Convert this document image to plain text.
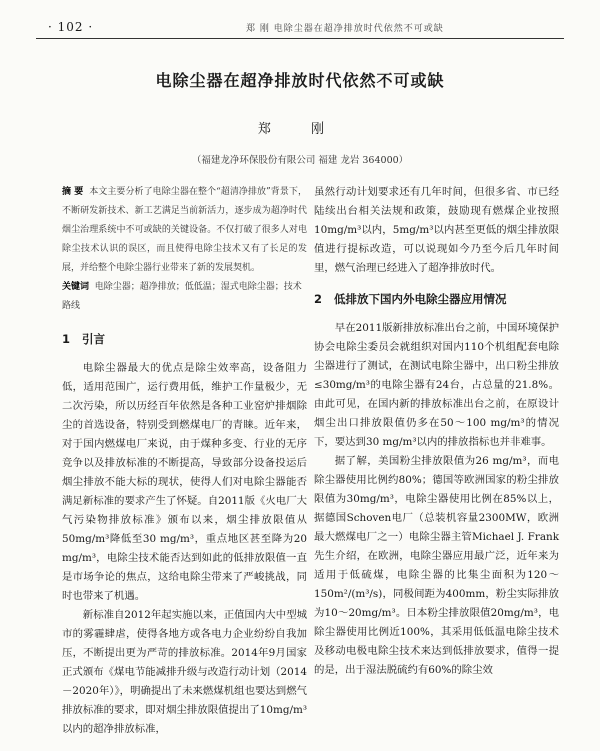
· 102 ·	郑 刚 电除尘器在超净排放时代依然不可或缺
电除尘器在超净排放时代依然不可或缺
郑 刚
（福建龙净环保股份有限公司 福建 龙岩 364000）

摘 要 本文主要分析了电除尘器在整个“超清净排放”背景下，不断研发新技术、新工艺满足当前新活力，逐步成为超净时代烟尘治理系统中不可或缺的关键设备。不仅打破了很多人对电除尘技术认识的误区，而且使得电除尘技术又有了长足的发展，并给整个电除尘器行业带来了新的发展契机。

关键词 电除尘器；超净排放；低低温；湿式电除尘器；技术路线

1 引言

电除尘器最大的优点是除尘效率高，设备阻力低，适用范围广，运行费用低，维护工作量极少，无二次污染，所以历经百年依然是各种工业窑炉排烟除尘的首选设备，特别受到燃煤电厂的青睐。近年来，对于国内燃煤电厂来说，由于煤种多变、行业的无序竞争以及排放标准的不断提高，导致部分设备投运后烟尘排放不能大标的现状，使得人们对电除尘器能否满足新标准的要求产生了怀疑。自2011版《火电厂大气污染物排放标准》颁布以来，烟尘排放限值从50mg/m³降低至30 mg/m³，重点地区甚至降为20 mg/m³，电除尘技术能否达到如此的低排放限值一直是市场争论的焦点，这给电除尘带来了严峻挑战，同时也带来了机遇。

新标准自2012年起实施以来，正值国内大中型城市的雾霾肆虐，使得各地方或各电力企业纷纷自我加压，不断提出更为严苛的排放标准。2014年9月国家正式颁布《煤电节能减排升级与改造行动计划（2014－2020年）》，明确提出了未来燃煤机组也要达到燃气排放标准的要求，即对烟尘排放限值提出了10mg/m³以内的超净排放标准，

虽然行动计划要求还有几年时间，但很多省、市已经陆续出台相关法规和政策，鼓励现有燃煤企业按照10mg/m³以内，5mg/m³以内甚至更低的烟尘排放限值进行提标改造，可以说现如今乃至今后几年时间里，燃气治理已经进入了超净排放时代。

2 低排放下国内外电除尘器应用情况

早在2011版新排放标准出台之前，中国环境保护协会电除尘委员会就组织对国内110个机组配套电除尘器进行了测试，在测试电除尘器中，出口粉尘排放≤30mg/m³的电除尘器有24台，占总量的21.8%。由此可见，在国内新的排放标准出台之前，在原设计烟尘出口排放限值仍多在50～100 mg/m³的情况下，要达到30 mg/m³以内的排放指标也并非难事。

据了解，美国粉尘排放限值为26 mg/m³，而电除尘器使用比例约80%；德国等欧洲国家的粉尘排放限值为30mg/m³，电除尘器使用比例在85%以上，据德国Schoven电厂（总装机容量2300MW，欧洲最大燃煤电厂之一）电除尘器主管Michael J. Frank先生介绍，在欧洲，电除尘器应用最广泛，近年来为适用于低硫煤，电除尘器的比集尘面积为120～150m²/(m³/s)，同极间距为400mm，粉尘实际排放为10～20mg/m³。日本粉尘排放限值20mg/m³，电除尘器使用比例近100%，其采用低低温电除尘技术及移动电极电除尘技术来达到低排放要求，值得一提的是，出于湿法脱硫约有60%的除尘效
